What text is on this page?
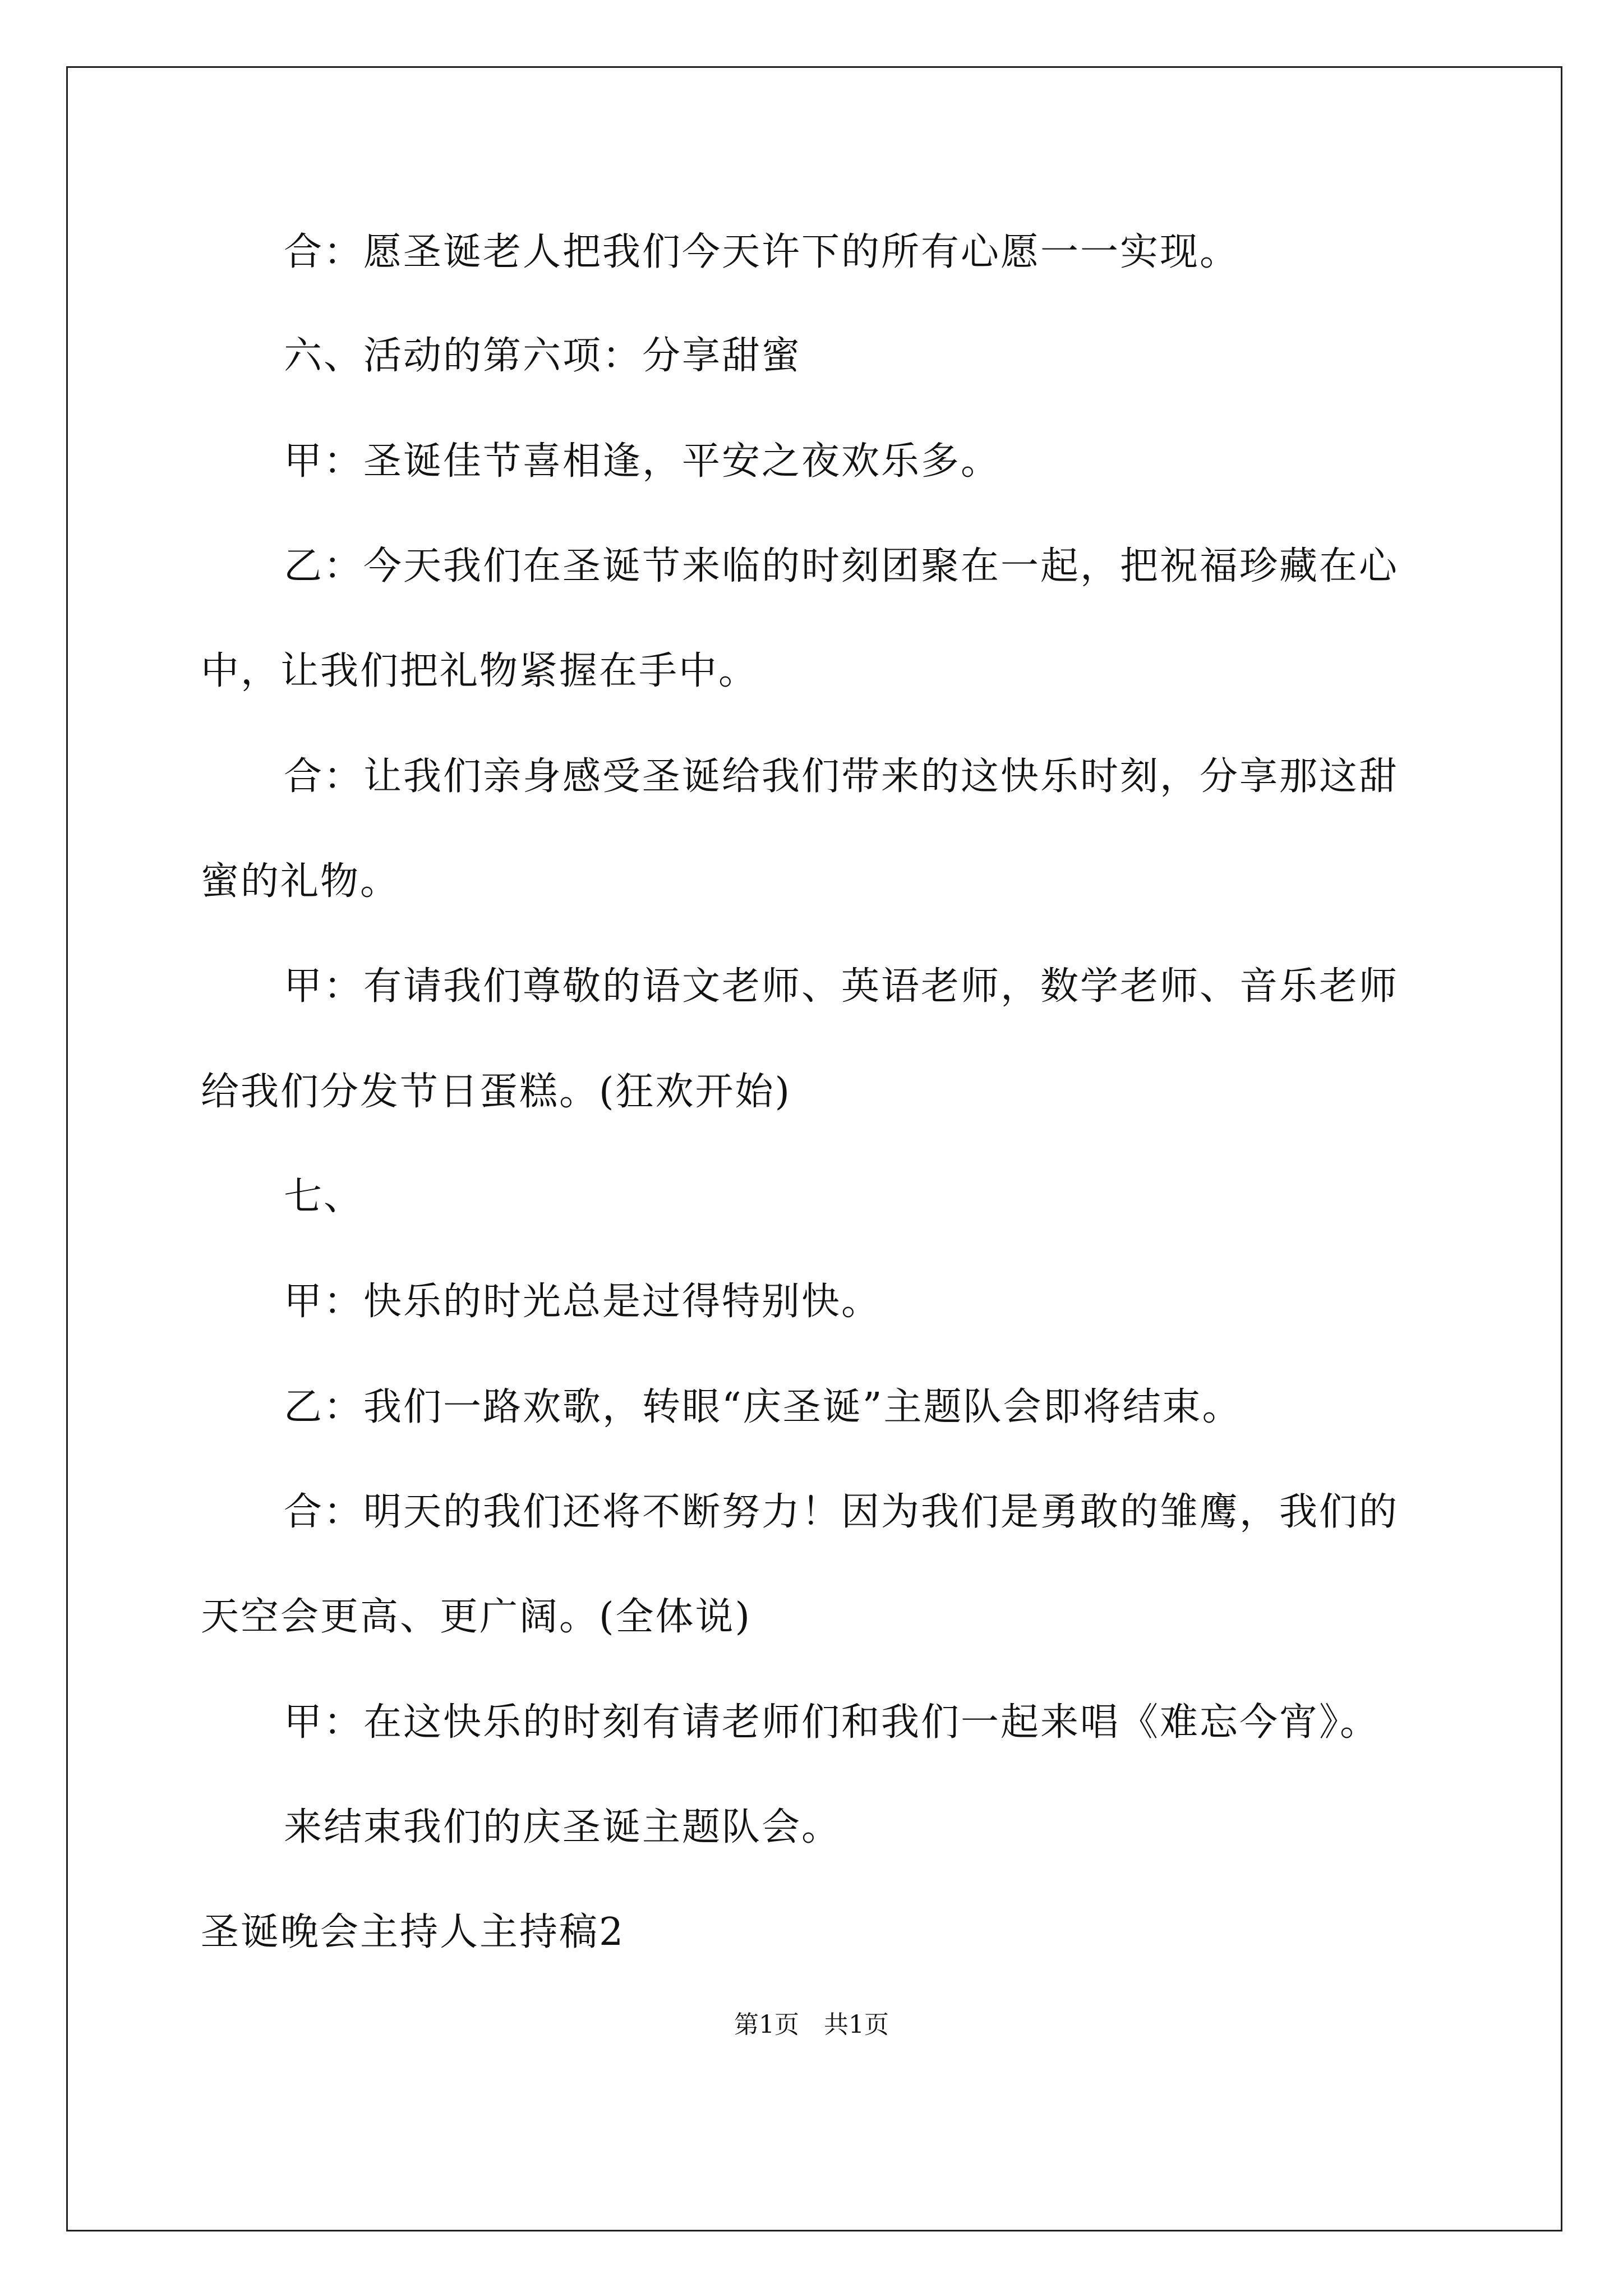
合：愿圣诞老人把我们今天许下的所有心愿一一实现。
六、活动的第六项：分享甜蜜
甲：圣诞佳节喜相逢，平安之夜欢乐多。
乙：今天我们在圣诞节来临的时刻团聚在一起，把祝福珍藏在心
中，让我们把礼物紧握在手中。
合：让我们亲身感受圣诞给我们带来的这快乐时刻，分享那这甜
蜜的礼物。
甲：有请我们尊敬的语文老师、英语老师，数学老师、音乐老师
给我们分发节日蛋糕。(狂欢开始)
七、
甲：快乐的时光总是过得特别快。
乙：我们一路欢歌，转眼“庆圣诞”主题队会即将结束。
合：明天的我们还将不断努力！因为我们是勇敢的雏鹰，我们的
天空会更高、更广阔。(全体说)
甲：在这快乐的时刻有请老师们和我们一起来唱《难忘今宵》。
来结束我们的庆圣诞主题队会。
圣诞晚会主持人主持稿2
第1页　共1页
